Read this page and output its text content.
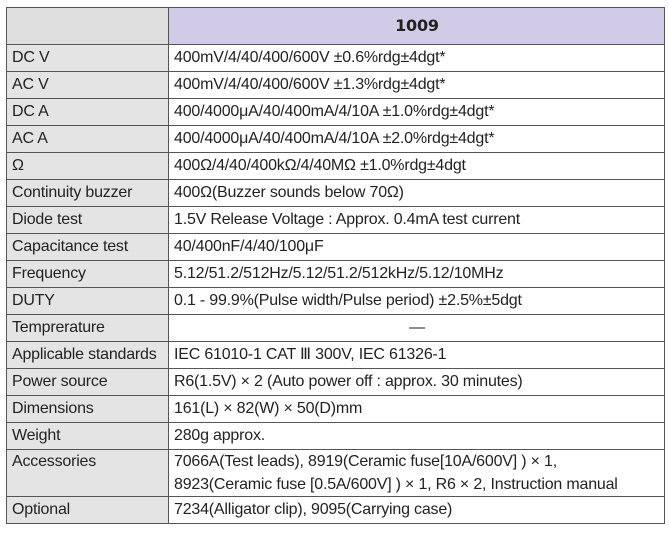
	1009
DC V	400mV/4/40/400/600V ±0.6%rdg±4dgt*
AC V	400mV/4/40/400/600V ±1.3%rdg±4dgt*
DC A	400/4000μA/40/400mA/4/10A ±1.0%rdg±4dgt*
AC A	400/4000μA/40/400mA/4/10A ±2.0%rdg±4dgt*
Ω	400Ω/4/40/400kΩ/4/40MΩ ±1.0%rdg±4dgt
Continuity buzzer	400Ω(Buzzer sounds below 70Ω)
Diode test	1.5V Release Voltage : Approx. 0.4mA test current
Capacitance test	40/400nF/4/40/100μF
Frequency	5.12/51.2/512Hz/5.12/51.2/512kHz/5.12/10MHz
DUTY	0.1 - 99.9%(Pulse width/Pulse period) ±2.5%±5dgt
Temprerature	—
Applicable standards	IEC 61010-1 CAT Ⅲ 300V, IEC 61326-1
Power source	R6(1.5V) × 2 (Auto power off : approx. 30 minutes)
Dimensions	161(L) × 82(W) × 50(D)mm
Weight	280g approx.
Accessories	7066A(Test leads), 8919(Ceramic fuse[10A/600V] ) × 1,
8923(Ceramic fuse [0.5A/600V] ) × 1, R6 × 2, Instruction manual

Optional	7234(Alligator clip), 9095(Carrying case)
